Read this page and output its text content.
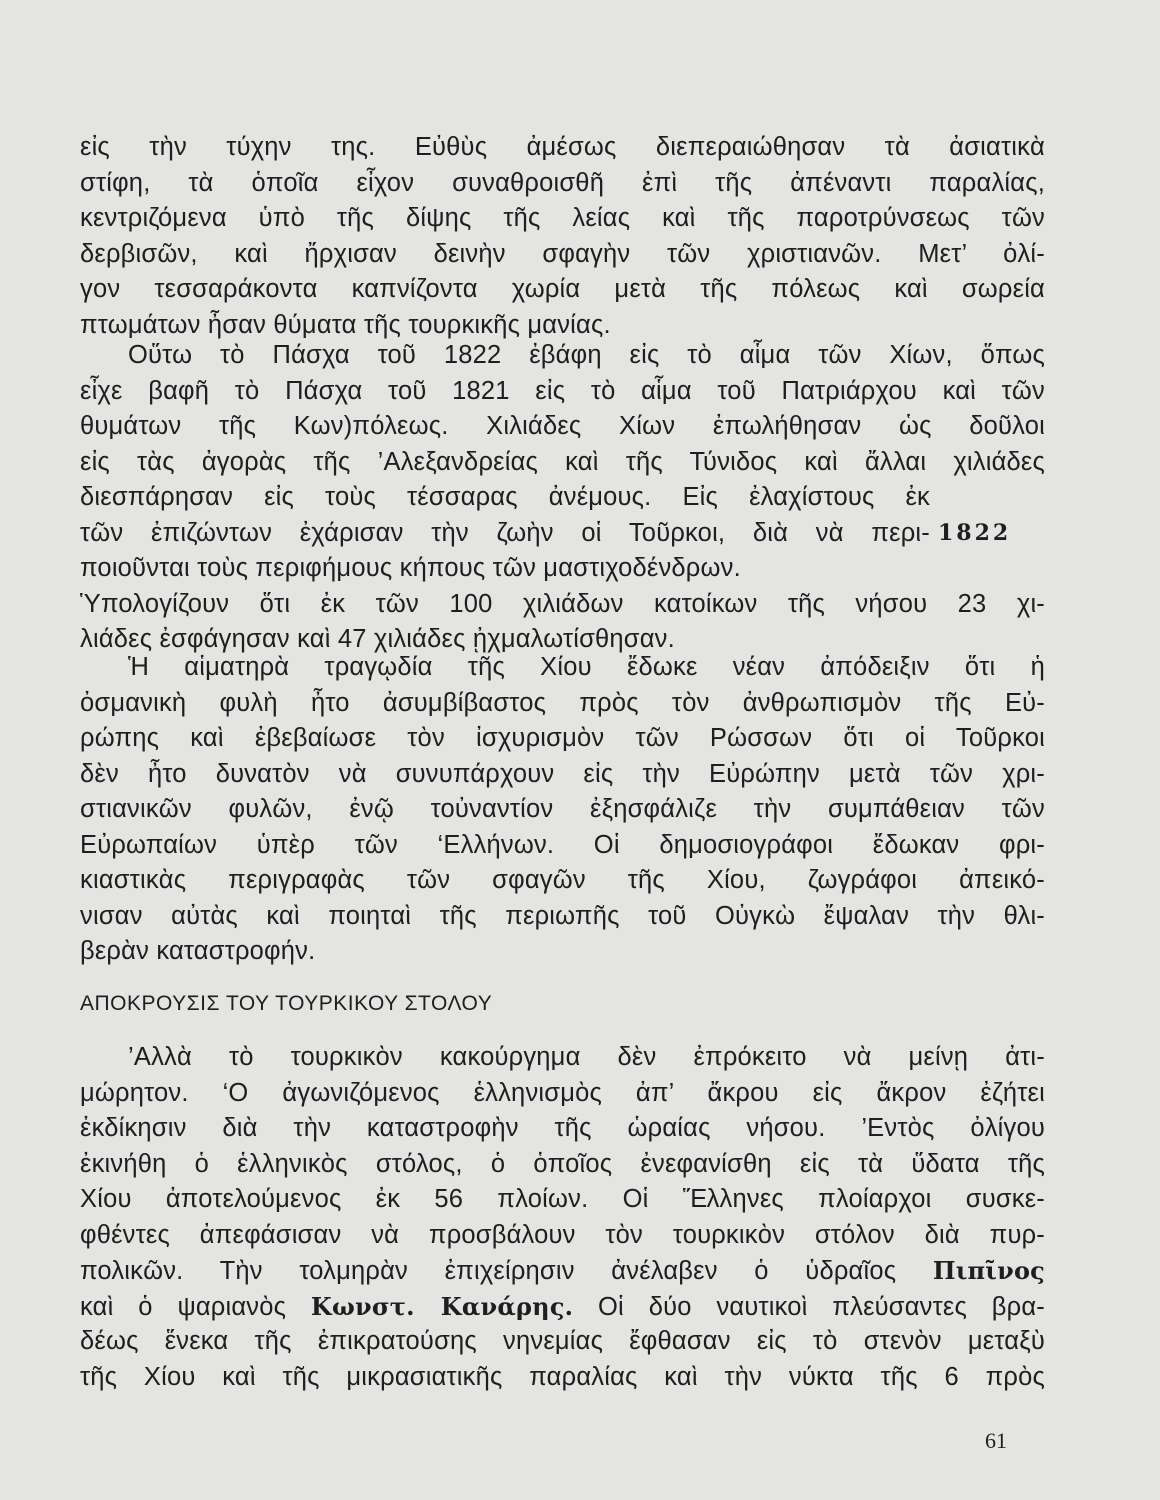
εἰς τὴν τύχην της. Εὐθὺς ἀμέσως διεπεραιώθησαν τὰ ἀσιατικὰ
στίφη, τὰ ὁποῖα εἶχον συναθροισθῆ ἐπὶ τῆς ἀπέναντι παραλίας,
κεντριζόμενα ὑπὸ τῆς δίψης τῆς λείας καὶ τῆς παροτρύνσεως τῶν
δερβισῶν, καὶ ἤρχισαν δεινὴν σφαγὴν τῶν χριστιανῶν. Μετ’ ὀλί-
γον τεσσαράκοντα καπνίζοντα χωρία μετὰ τῆς πόλεως καὶ σωρεία
πτωμάτων ἦσαν θύματα τῆς τουρκικῆς μανίας.
Οὕτω τὸ Πάσχα τοῦ 1822 ἐβάφη εἰς τὸ αἷμα τῶν Χίων, ὅπως
εἶχε βαφῆ τὸ Πάσχα τοῦ 1821 εἰς τὸ αἷμα τοῦ Πατριάρχου καὶ τῶν
θυμάτων τῆς Κων)πόλεως. Χιλιάδες Χίων ἐπωλήθησαν ὡς δοῦλοι
εἰς τὰς ἀγορὰς τῆς ’Αλεξανδρείας καὶ τῆς Τύνιδος καὶ ἄλλαι χιλιάδες
διεσπάρησαν εἰς τοὺς τέσσαρας ἀνέμους. Εἰς ἐλαχίστους ἐκ
τῶν ἐπιζώντων ἐχάρισαν τὴν ζωὴν οἱ Τοῦρκοι, διὰ νὰ περι-
ποιοῦνται τοὺς περιφήμους κήπους τῶν μαστιχοδένδρων.
Ὑπολογίζουν ὅτι ἐκ τῶν 100 χιλιάδων κατοίκων τῆς νήσου 23 χι-
λιάδες ἐσφάγησαν καὶ 47 χιλιάδες ᾐχμαλωτίσθησαν.
1822
Ἡ αἱματηρὰ τραγῳδία τῆς Χίου ἔδωκε νέαν ἀπόδειξιν ὅτι ἡ
ὀσμανικὴ φυλὴ ἦτο ἀσυμβίβαστος πρὸς τὸν ἀνθρωπισμὸν τῆς Εὐ-
ρώπης καὶ ἐβεβαίωσε τὸν ἰσχυρισμὸν τῶν Ρώσσων ὅτι οἱ Τοῦρκοι
δὲν ἦτο δυνατὸν νὰ συνυπάρχουν εἰς τὴν Εὐρώπην μετὰ τῶν χρι-
στιανικῶν φυλῶν, ἐνῷ τοὐναντίον ἐξησφάλιζε τὴν συμπάθειαν τῶν
Εὐρωπαίων ὑπὲρ τῶν ‘Ελλήνων. Οἱ δημοσιογράφοι ἔδωκαν φρι-
κιαστικὰς περιγραφὰς τῶν σφαγῶν τῆς Χίου, ζωγράφοι ἀπεικό-
νισαν αὐτὰς καὶ ποιηταὶ τῆς περιωπῆς τοῦ Οὐγκὼ ἔψαλαν τὴν θλι-
βερὰν καταστροφήν.
ΑΠΟΚΡΟΥΣΙΣ ΤΟΥ ΤΟΥΡΚΙΚΟΥ ΣΤΟΛΟΥ
’Αλλὰ τὸ τουρκικὸν κακούργημα δὲν ἐπρόκειτο νὰ μείνῃ ἀτι-
μώρητον. ‘Ο ἀγωνιζόμενος ἑλληνισμὸς ἀπ’ ἄκρου εἰς ἄκρον ἐζήτει
ἐκδίκησιν διὰ τὴν καταστροφὴν τῆς ὡραίας νήσου. ’Εντὸς ὀλίγου
ἐκινήθη ὁ ἑλληνικὸς στόλος, ὁ ὁποῖος ἐνεφανίσθη εἰς τὰ ὕδατα τῆς
Χίου ἀποτελούμενος ἐκ 56 πλοίων. Οἱ Ἕλληνες πλοίαρχοι συσκε-
φθέντες ἀπεφάσισαν νὰ προσβάλουν τὸν τουρκικὸν στόλον διὰ πυρ-
πολικῶν. Τὴν τολμηρὰν ἐπιχείρησιν ἀνέλαβεν ὁ ὑδραῖος Πιπῖνος
καὶ ὁ ψαριανὸς Κωνστ. Κανάρης. Οἱ δύο ναυτικοὶ πλεύσαντες βρα-
δέως ἕνεκα τῆς ἐπικρατούσης νηνεμίας ἔφθασαν εἰς τὸ στενὸν μεταξὺ
τῆς Χίου καὶ τῆς μικρασιατικῆς παραλίας καὶ τὴν νύκτα τῆς 6 πρὸς
61
